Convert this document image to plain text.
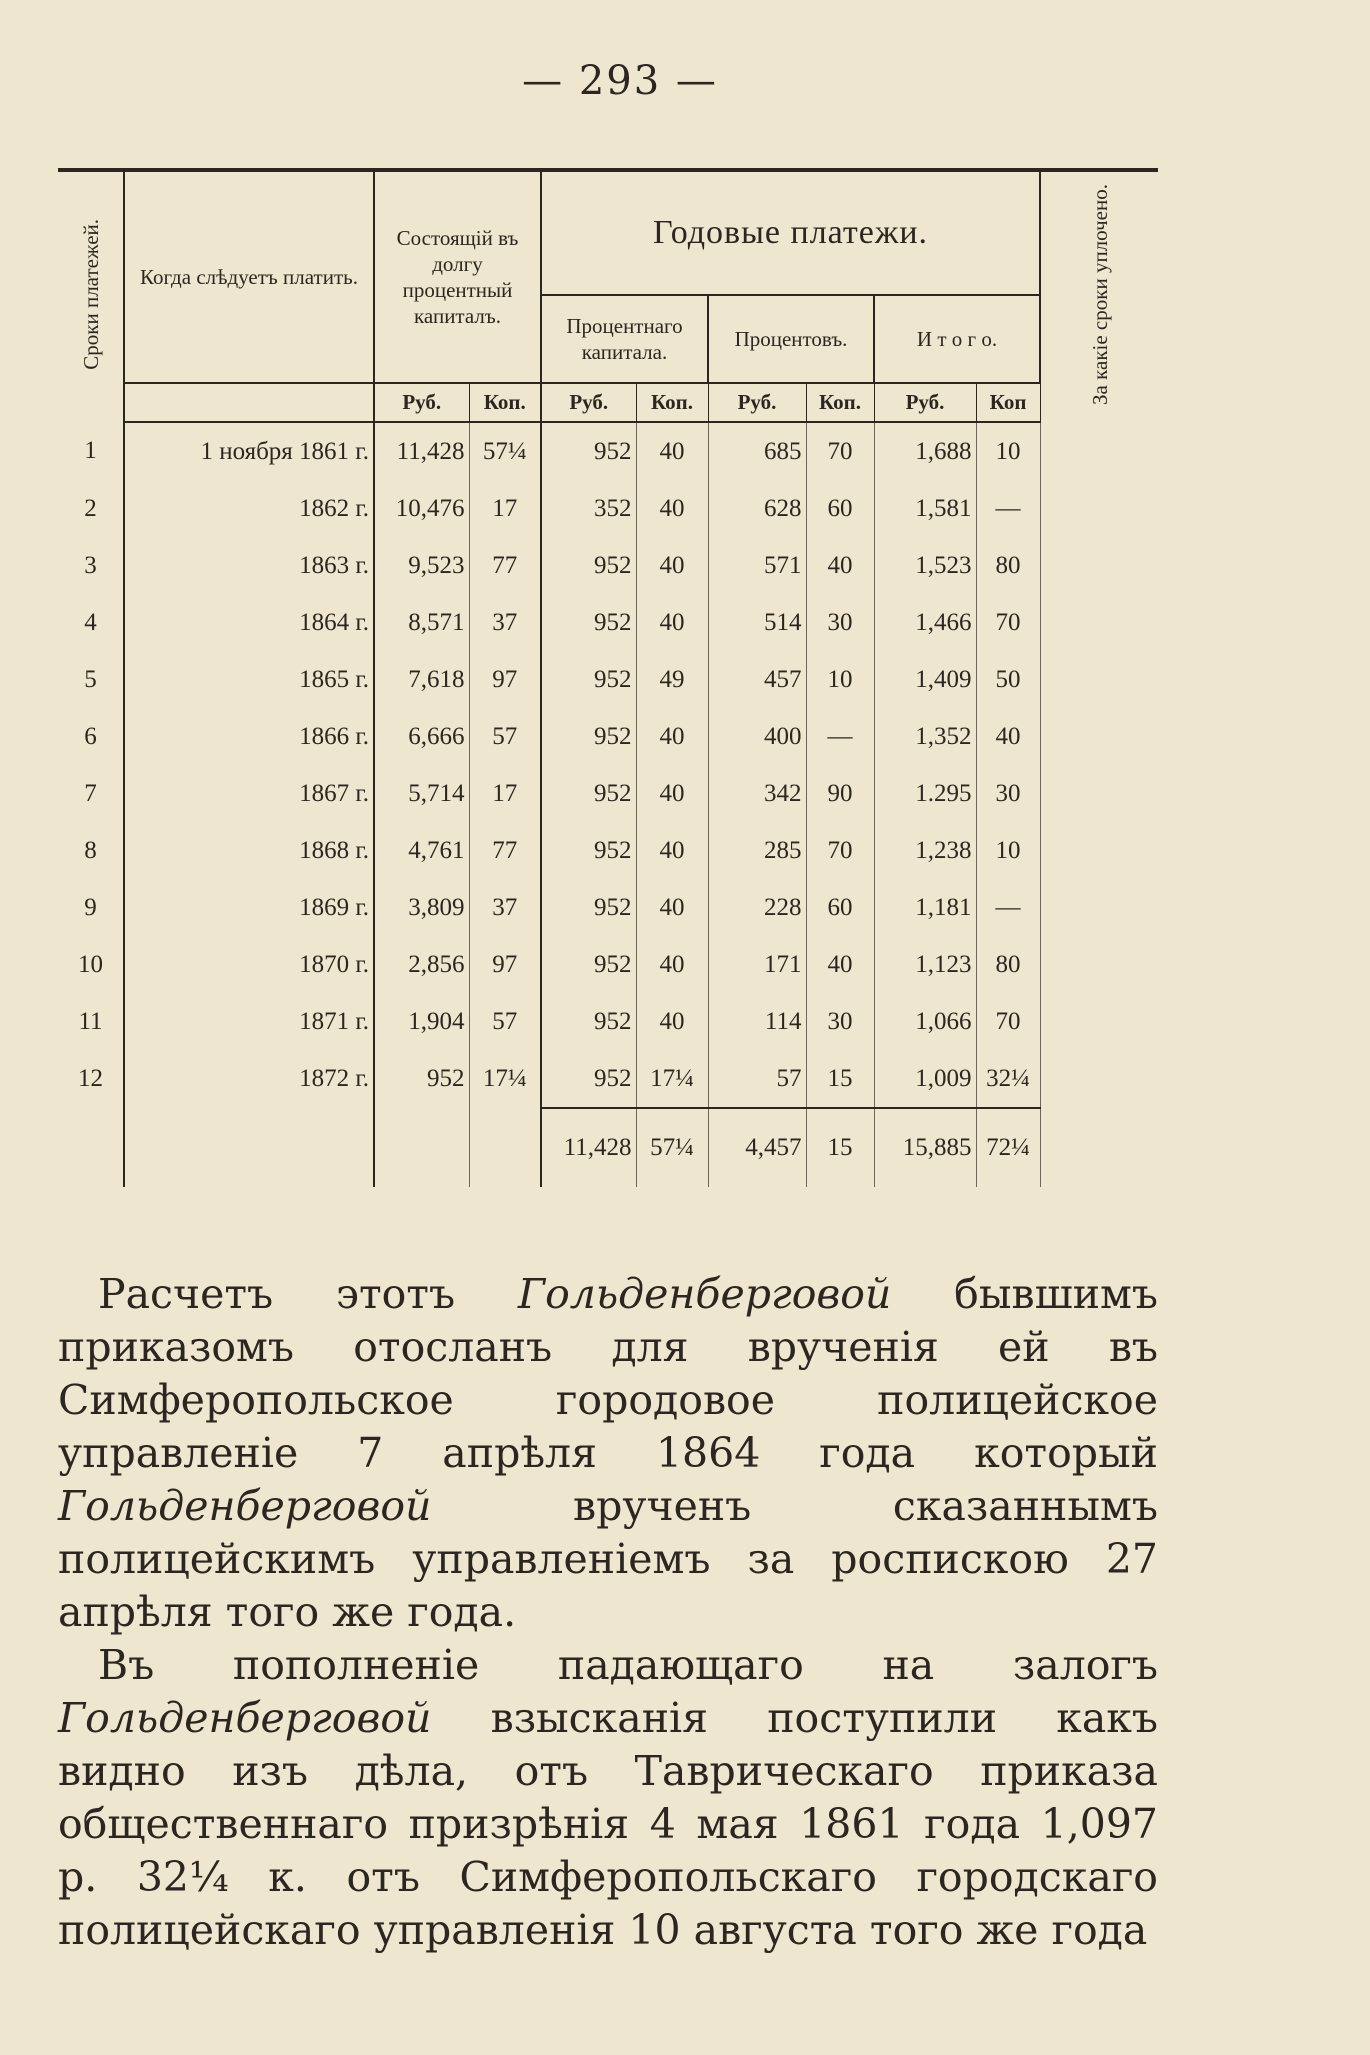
— 293 —
Сроки платежей.	Когда слѣдуетъ платить.	Состоящій въ долгу процентный капиталъ.		Годовые платежи.						За какіе сроки уплочено.
				Процентнаго капитала.		Процентовъ.		И т о г о.		
		Руб.	Коп.	Руб.	Коп.	Руб.	Коп.	Руб.	Коп	
1	1 ноября 1861 г.	11,428	57¼	952	40	685	70	1,688	10	
2	1862 г.	10,476	17	352	40	628	60	1,581	—	
3	1863 г.	9,523	77	952	40	571	40	1,523	80	
4	1864 г.	8,571	37	952	40	514	30	1,466	70	
5	1865 г.	7,618	97	952	49	457	10	1,409	50	
6	1866 г.	6,666	57	952	40	400	—	1,352	40	
7	1867 г.	5,714	17	952	40	342	90	1.295	30	
8	1868 г.	4,761	77	952	40	285	70	1,238	10	
9	1869 г.	3,809	37	952	40	228	60	1,181	—	
10	1870 г.	2,856	97	952	40	171	40	1,123	80	
11	1871 г.	1,904	57	952	40	114	30	1,066	70	
12	1872 г.	952	17¼	952	17¼	57	15	1,009	32¼	
				11,428	57¼	4,457	15	15,885	72¼	

Расчетъ этотъ Гольденберговой бывшимъ приказомъ отосланъ для врученія ей въ Симферопольское городовое полицейское управленіе 7 апрѣля 1864 года который Гольденберговой врученъ сказаннымъ полицейскимъ управленіемъ за роспискою 27 апрѣля того же года.

Въ пополненіе падающаго на залогъ Гольденберговой взысканія поступили какъ видно изъ дѣла, отъ Таврическаго приказа общественнаго призрѣнія 4 мая 1861 года 1,097 р. 32¼ к. отъ Симферопольскаго городскаго полицейскаго управленія 10 августа того же года
